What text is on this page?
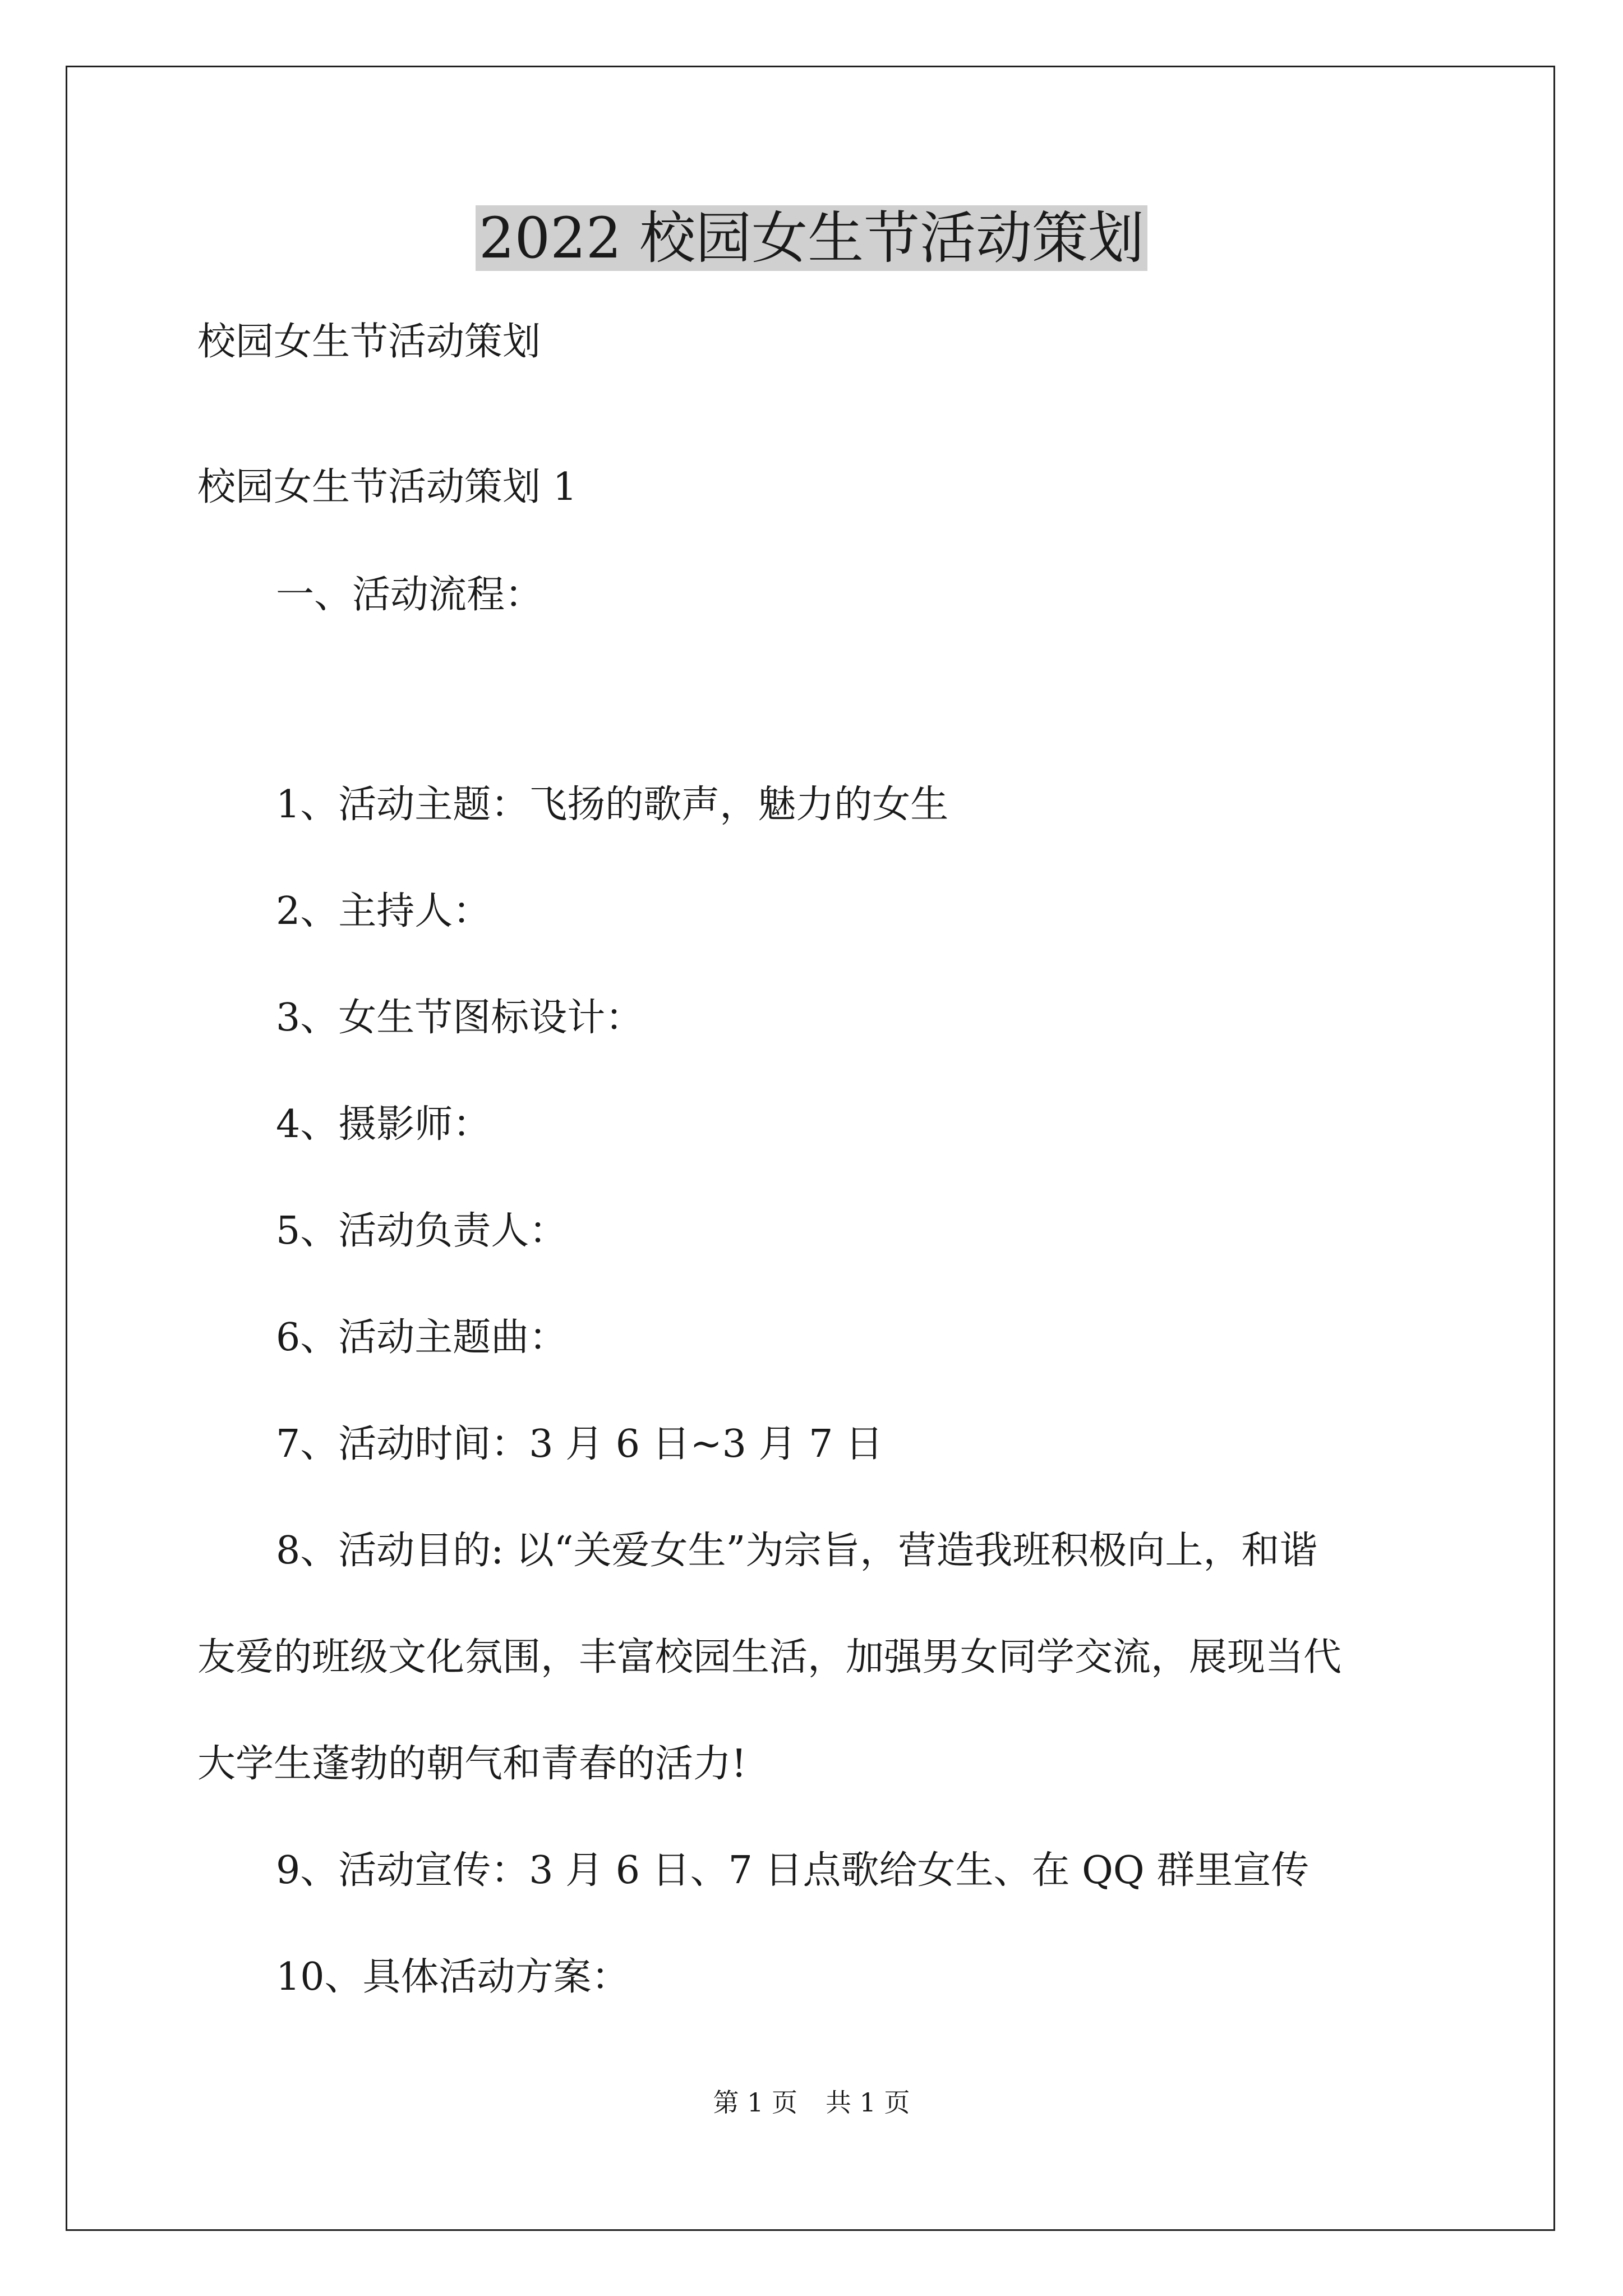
2022 校园女生节活动策划
校园女生节活动策划
校园女生节活动策划 1
一、活动流程：
1、活动主题：飞扬的歌声，魅力的女生
2、主持人：
3、女生节图标设计：
4、摄影师：
5、活动负责人：
6、活动主题曲：
7、活动时间：3 月 6 日~3 月 7 日
8、活动目的: 以“关爱女生”为宗旨，营造我班积极向上，和谐
友爱的班级文化氛围，丰富校园生活，加强男女同学交流，展现当代
大学生蓬勃的朝气和青春的活力!
9、活动宣传：3 月 6 日、7 日点歌给女生、在 QQ 群里宣传
10、具体活动方案：
第 1 页 共 1 页
